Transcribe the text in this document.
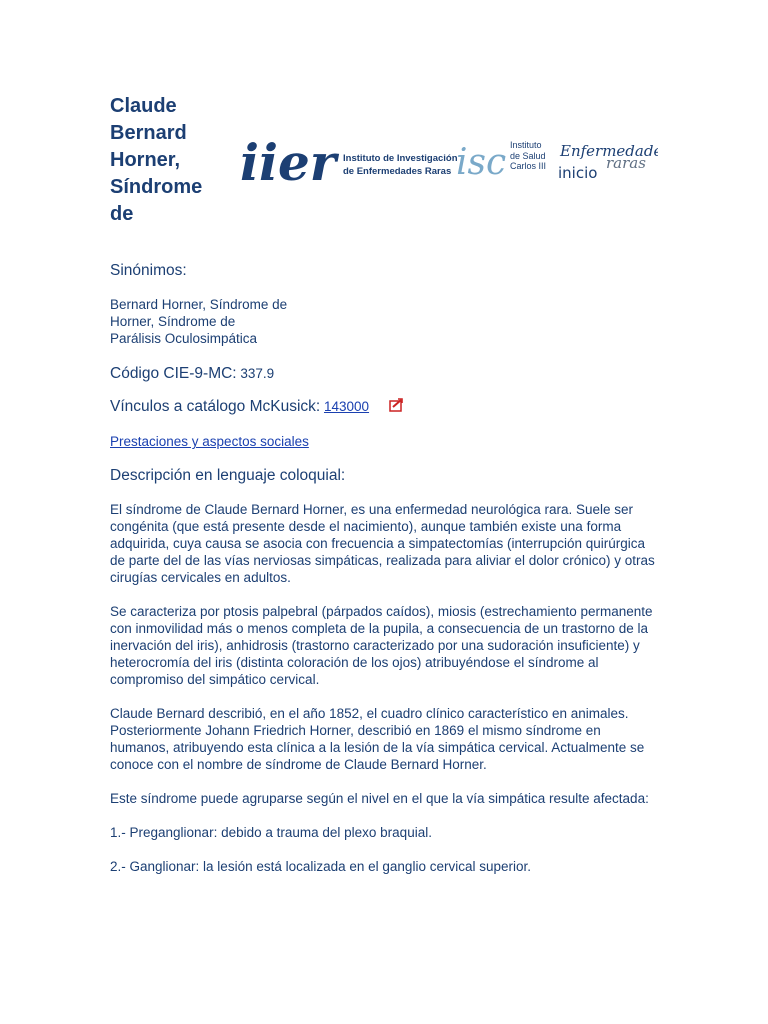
Claude
Bernard
Horner,
Síndrome
de
iier Instituto de Investigación
de Enfermedades Raras isc Instituto
de Salud
Carlos III
Enfermedad
raras
inicio

Sinónimos:

Bernard Horner, Síndrome de

Horner, Síndrome de

Parálisis Oculosimpática

Código CIE-9-MC: 337.9

Vínculos a catálogo McKusick: 143000

Prestaciones y aspectos sociales

Descripción en lenguaje coloquial:

El síndrome de Claude Bernard Horner, es una enfermedad neurológica rara. Suele ser congénita (que está presente desde el nacimiento), aunque también existe una forma adquirida, cuya causa se asocia con frecuencia a simpatectomías (interrupción quirúrgica de parte del de las vías nerviosas simpáticas, realizada para aliviar el dolor crónico) y otras cirugías cervicales en adultos.

Se caracteriza por ptosis palpebral (párpados caídos), miosis (estrechamiento permanente con inmovilidad más o menos completa de la pupila, a consecuencia de un trastorno de la inervación del iris), anhidrosis (trastorno caracterizado por una sudoración insuficiente) y heterocromía del iris (distinta coloración de los ojos) atribuyéndose el síndrome al compromiso del simpático cervical.

Claude Bernard describió, en el año 1852, el cuadro clínico característico en animales. Posteriormente Johann Friedrich Horner, describió en 1869 el mismo síndrome en humanos, atribuyendo esta clínica a la lesión de la vía simpática cervical. Actualmente se conoce con el nombre de síndrome de Claude Bernard Horner.

Este síndrome puede agruparse según el nivel en el que la vía simpática resulte afectada:

1.- Preganglionar: debido a trauma del plexo braquial.

2.- Ganglionar: la lesión está localizada en el ganglio cervical superior.
